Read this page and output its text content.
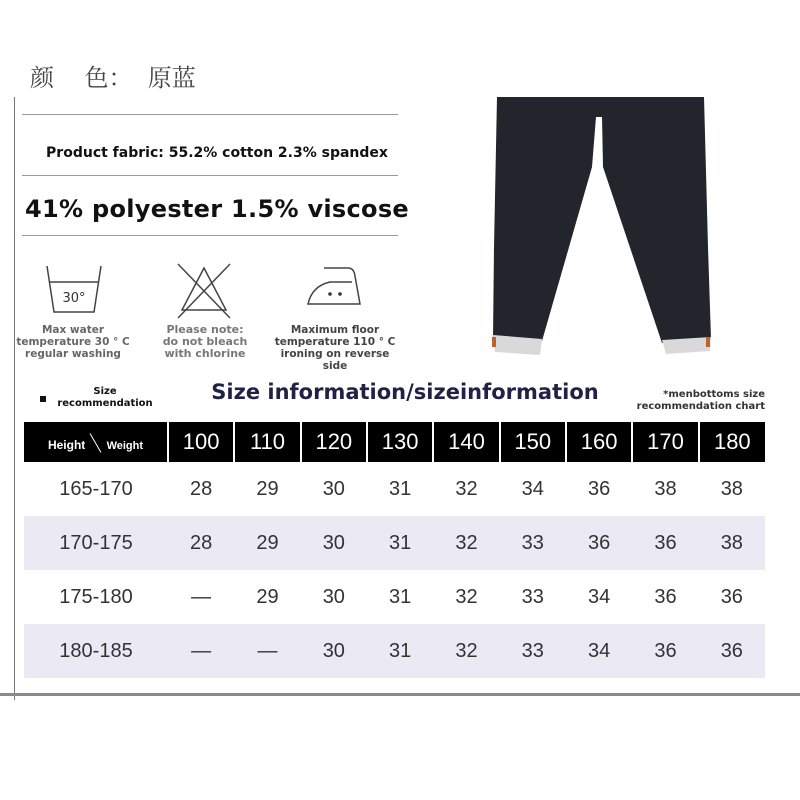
颜    色：  原蓝
Product fabric: 55.2% cotton 2.3% spandex
41% polyester 1.5% viscose
30°
Max water
temperature 30 ° C
regular washing
Please note:
do not bleach
with chlorine
Maximum floor
temperature 110 ° C
ironing on reverse side
Size
recommendation	Size information/sizeinformation	*menbottoms size
recommendation chart
Height Weight	100	110	120	130	140	150	160	170	180
165-170	28	29	30	31	32	34	36	38	38
170-175	28	29	30	31	32	33	36	36	38
175-180	—	29	30	31	32	33	34	36	36
180-185	—	—	30	31	32	33	34	36	36
